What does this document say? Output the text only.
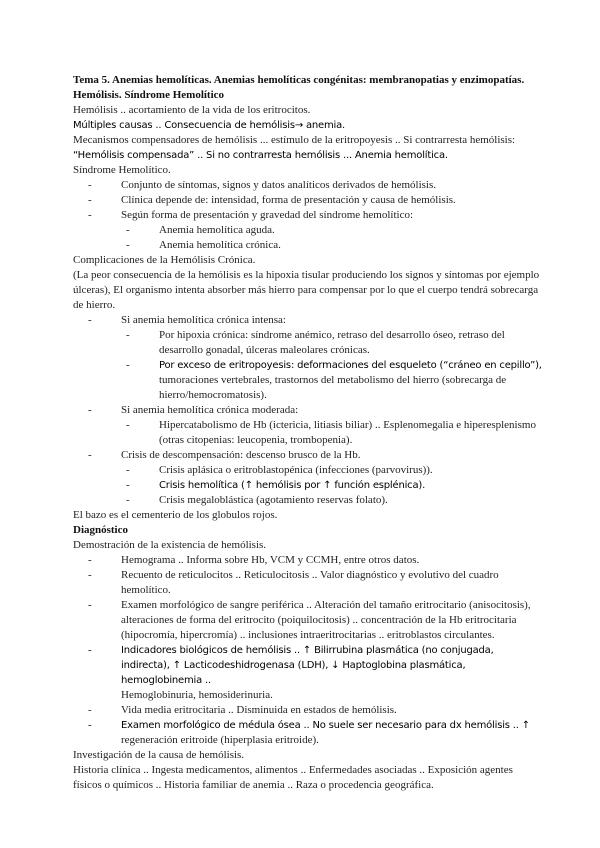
Tema 5. Anemias hemolíticas. Anemias hemolíticas congénitas: membranopatias y enzimopatías.

Hemólisis. Síndrome Hemolítico

Hemólisis .. acortamiento de la vida de los eritrocitos.

Múltiples causas .. Consecuencia de hemólisis→ anemia.

Mecanismos compensadores de hemólisis ... estímulo de la eritropoyesis .. Si contrarresta hemólisis:

“Hemólisis compensada” .. Si no contrarresta hemólisis ... Anemia hemolítica.

Síndrome Hemolítico.

-	Conjunto de síntomas, signos y datos analíticos derivados de hemólisis.
-	Clínica depende de: intensidad, forma de presentación y causa de hemólisis.
-	Según forma de presentación y gravedad del síndrome hemolítico:
-	Anemia hemolítica aguda.
-	Anemia hemolítica crónica.

Complicaciones de la Hemólisis Crónica.

(La peor consecuencia de la hemólisis es la hipoxia tisular produciendo los signos y síntomas por ejemplo úlceras), El organismo intenta absorber más hierro para compensar por lo que el cuerpo tendrá sobrecarga de hierro.

-	Si anemia hemolítica crónica intensa:
-	Por hipoxia crónica: síndrome anémico, retraso del desarrollo óseo, retraso del desarrollo gonadal, úlceras maleolares crónicas.
-	Por exceso de eritropoyesis: deformaciones del esqueleto (“cráneo en cepillo”),
tumoraciones vertebrales, trastornos del metabolismo del hierro (sobrecarga de hierro/hemocromatosis).
-	Si anemia hemolítica crónica moderada:
-	Hipercatabolismo de Hb (ictericia, litiasis biliar) .. Esplenomegalia e hiperesplenismo (otras citopenias: leucopenia, trombopenia).
-	Crisis de descompensación: descenso brusco de la Hb.
-	Crisis aplásica o eritroblastopénica (infecciones (parvovirus)).
-	Crisis hemolítica (↑ hemólisis por ↑ función esplénica).
-	Crisis megaloblástica (agotamiento reservas folato).

El bazo es el cementerio de los globulos rojos.

Diagnóstico

Demostración de la existencia de hemólisis.

-	Hemograma .. Informa sobre Hb, VCM y CCMH, entre otros datos.
-	Recuento de reticulocitos .. Reticulocitosis .. Valor diagnóstico y evolutivo del cuadro hemolítico.
-	Examen morfológico de sangre periférica .. Alteración del tamaño eritrocitario (anisocitosis), alteraciones de forma del eritrocito (poiquilocitosis) .. concentración de la Hb eritrocitaria (hipocromía, hipercromía) .. inclusiones intraeritrocitarias .. eritroblastos circulantes.
-	Indicadores biológicos de hemólisis .. ↑ Bilirrubina plasmática (no conjugada, indirecta), ↑ Lacticodeshidrogenasa (LDH), ↓ Haptoglobina plasmática, hemoglobinemia ..
Hemoglobinuria, hemosiderinuria.
-	Vida media eritrocitaria .. Disminuida en estados de hemólisis.
-	Examen morfológico de médula ósea .. No suele ser necesario para dx hemólisis .. ↑
regeneración eritroide (hiperplasia eritroide).

Investigación de la causa de hemólisis.

Historia clínica .. Ingesta medicamentos, alimentos .. Enfermedades asociadas .. Exposición agentes físicos o químicos .. Historia familiar de anemia .. Raza o procedencia geográfica.
